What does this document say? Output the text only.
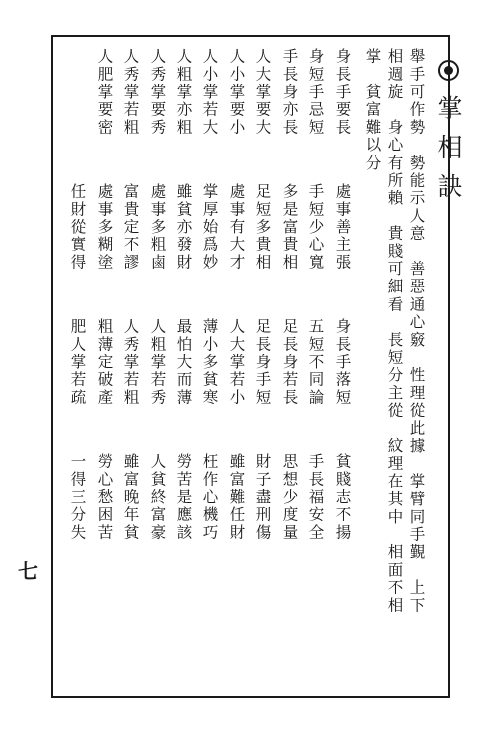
掌相訣
舉手可作勢　勢能示人意　善惡通心竅　性理從此據　掌臂同手覲　上下
相週旋　身心有所賴　貴賤可細看　長短分主從　紋理在其中　相面不相
掌　貧富難以分
身長手要長
處事善主張
身長手落短
貧賤志不揚
身短手忌短
手短少心寬
五短不同論
手長福安全
手長身亦長
多是富貴相
足長身若長
思想少度量
人大掌要大
足短多貴相
足長身手短
財子盡刑傷
人小掌要小
處事有大才
人大掌若小
雖富難任財
人小掌若大
掌厚始爲妙
薄小多貧寒
枉作心機巧
人粗掌亦粗
雖貧亦發財
最怕大而薄
勞苦是應該
人秀掌要秀
處事多粗鹵
人粗掌若秀
人貧終富豪
人秀掌若粗
富貴定不謬
人秀掌若粗
雖富晚年貧
人肥掌要密
處事多糊塗
粗薄定破產
勞心愁困苦
任財從實得
肥人掌若疏
一得三分失
七
